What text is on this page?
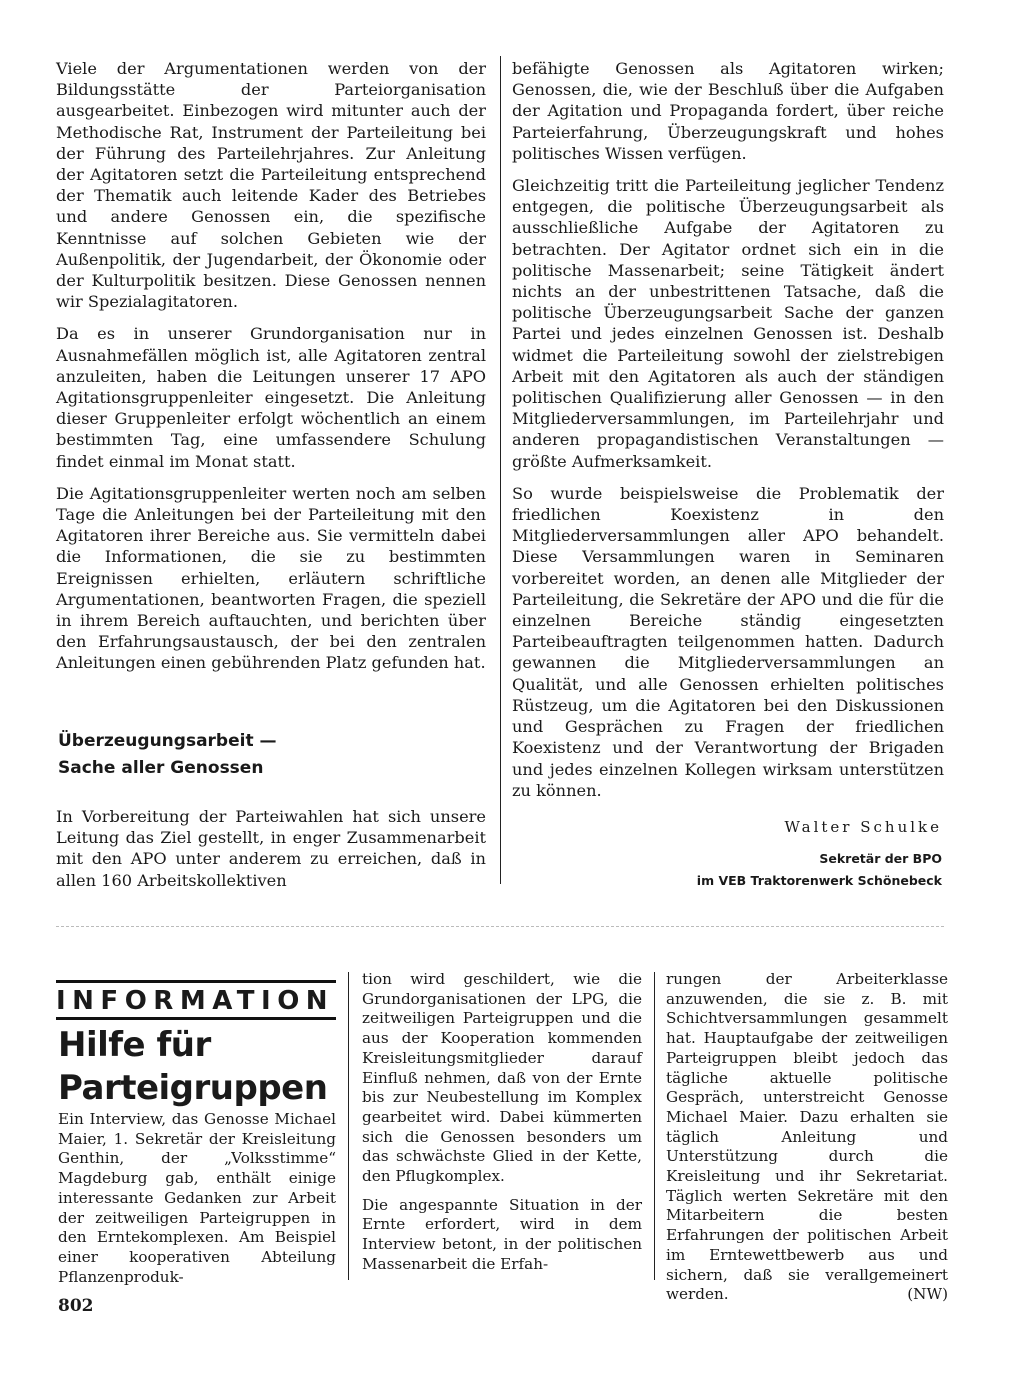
Viele der Argumentationen werden von der Bildungsstätte der Parteiorganisation ausgearbeitet. Einbezogen wird mitunter auch der Methodische Rat, Instrument der Parteileitung bei der Führung des Parteilehrjahres. Zur Anleitung der Agitatoren setzt die Parteileitung entsprechend der Thematik auch leitende Kader des Betriebes und andere Genossen ein, die spezifische Kenntnisse auf solchen Gebieten wie der Außenpolitik, der Jugendarbeit, der Ökonomie oder der Kulturpolitik besitzen. Diese Genossen nennen wir Spezialagitatoren.

Da es in unserer Grundorganisation nur in Ausnahmefällen möglich ist, alle Agitatoren zentral anzuleiten, haben die Leitungen unserer 17 APO Agitationsgruppenleiter eingesetzt. Die Anleitung dieser Gruppenleiter erfolgt wöchentlich an einem bestimmten Tag, eine umfassendere Schulung findet einmal im Monat statt.

Die Agitationsgruppenleiter werten noch am selben Tage die Anleitungen bei der Parteileitung mit den Agitatoren ihrer Bereiche aus. Sie vermitteln dabei die Informationen, die sie zu bestimmten Ereignissen erhielten, erläutern schriftliche Argumentationen, beantworten Fragen, die speziell in ihrem Bereich auftauchten, und berichten über den Erfahrungsaustausch, der bei den zentralen Anleitungen einen gebührenden Platz gefunden hat.

Überzeugungsarbeit —
Sache aller Genossen

In Vorbereitung der Parteiwahlen hat sich unsere Leitung das Ziel gestellt, in enger Zusammenarbeit mit den APO unter anderem zu erreichen, daß in allen 160 Arbeitskollektiven

befähigte Genossen als Agitatoren wirken; Genossen, die, wie der Beschluß über die Aufgaben der Agitation und Propaganda fordert, über reiche Parteierfahrung, Überzeugungskraft und hohes politisches Wissen verfügen.

Gleichzeitig tritt die Parteileitung jeglicher Tendenz entgegen, die politische Überzeugungsarbeit als ausschließliche Aufgabe der Agitatoren zu betrachten. Der Agitator ordnet sich ein in die politische Massenarbeit; seine Tätigkeit ändert nichts an der unbestrittenen Tatsache, daß die politische Überzeugungsarbeit Sache der ganzen Partei und jedes einzelnen Genossen ist. Deshalb widmet die Parteileitung sowohl der zielstrebigen Arbeit mit den Agitatoren als auch der ständigen politischen Qualifizierung aller Genossen — in den Mitgliederversammlungen, im Parteilehrjahr und anderen propagandistischen Veranstaltungen — größte Aufmerksamkeit.

So wurde beispielsweise die Problematik der friedlichen Koexistenz in den Mitgliederversammlungen aller APO behandelt. Diese Versammlungen waren in Seminaren vorbereitet worden, an denen alle Mitglieder der Parteileitung, die Sekretäre der APO und die für die einzelnen Bereiche ständig eingesetzten Parteibeauftragten teilgenommen hatten. Dadurch gewannen die Mitgliederversammlungen an Qualität, und alle Genossen erhielten politisches Rüstzeug, um die Agitatoren bei den Diskussionen und Gesprächen zu Fragen der friedlichen Koexistenz und der Verantwortung der Brigaden und jedes einzelnen Kollegen wirksam unterstützen zu können.

Walter Schulke
Sekretär der BPO
im VEB Traktorenwerk Schönebeck
INFORMATION
Hilfe für
Parteigruppen

Ein Interview, das Genosse Michael Maier, 1. Sekretär der Kreisleitung Genthin, der „Volksstimme“ Magdeburg gab, enthält einige interessante Gedanken zur Arbeit der zeitweiligen Parteigruppen in den Erntekomplexen. Am Beispiel einer kooperativen Abteilung Pflanzenproduk-

tion wird geschildert, wie die Grundorganisationen der LPG, die zeitweiligen Parteigruppen und die aus der Kooperation kommenden Kreisleitungsmitglieder darauf Einfluß nehmen, daß von der Ernte bis zur Neubestellung im Komplex gearbeitet wird. Dabei kümmerten sich die Genossen besonders um das schwächste Glied in der Kette, den Pflugkomplex.

Die angespannte Situation in der Ernte erfordert, wird in dem Interview betont, in der politischen Massenarbeit die Erfah-

rungen der Arbeiterklasse anzuwenden, die sie z. B. mit Schichtversammlungen gesammelt hat. Hauptaufgabe der zeitweiligen Parteigruppen bleibt jedoch das tägliche aktuelle politische Gespräch, unterstreicht Genosse Michael Maier. Dazu erhalten sie täglich Anleitung und Unterstützung durch die Kreisleitung und ihr Sekretariat. Täglich werten Sekretäre mit den Mitarbeitern die besten Erfahrungen der politischen Arbeit im Erntewettbewerb aus und sichern, daß sie verallgemeinert werden.	(NW)

802
